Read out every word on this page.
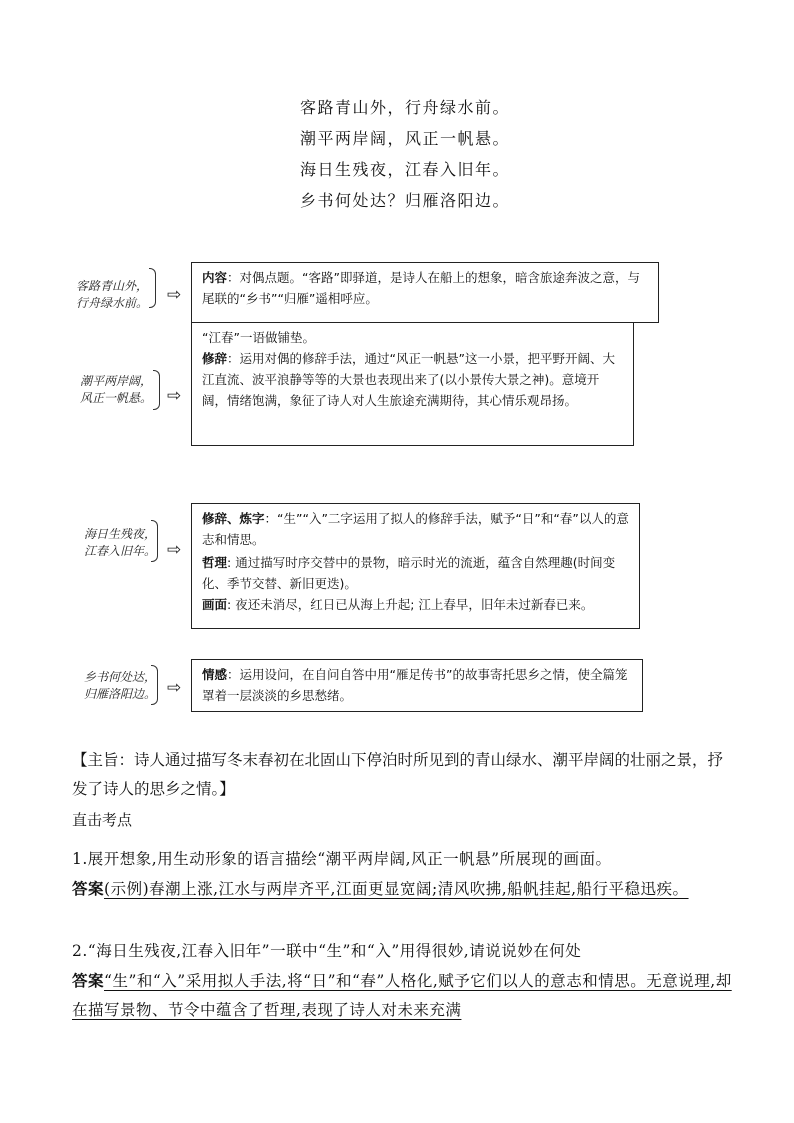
客路青山外，行舟绿水前。
潮平两岸阔，风正一帆悬。
海日生残夜，江春入旧年。
乡书何处达？归雁洛阳边。
潮平两岸阔，
风正一帆悬。 ⇨
“江春”一语做铺垫。
修辞：运用对偶的修辞手法，通过“风正一帆悬”这一小景，把平野开阔、大江直流、波平浪静等等的大景也表现出来了(以小景传大景之神)。意境开阔，情绪饱满，象征了诗人对人生旅途充满期待，其心情乐观昂扬。
客路青山外，
行舟绿水前。 ⇨
内容：对偶点题。“客路”即驿道，是诗人在船上的想象，暗含旅途奔波之意，与尾联的“乡书”“归雁”遥相呼应。
海日生残夜，
江春入旧年。 ⇨
修辞、炼字：“生”“入”二字运用了拟人的修辞手法，赋予“日”和“春”以人的意志和情思。
哲理: 通过描写时序交替中的景物，暗示时光的流逝，蕴含自然理趣(时间变化、季节交替、新旧更迭)。
画面: 夜还未消尽，红日已从海上升起; 江上春早，旧年未过新春已来。
乡书何处达，
归雁洛阳边。 ⇨
情感：运用设问，在自问自答中用“雁足传书”的故事寄托思乡之情，使全篇笼罩着一层淡淡的乡思愁绪。
【主旨：诗人通过描写冬末春初在北固山下停泊时所见到的青山绿水、潮平岸阔的壮丽之景，抒发了诗人的思乡之情。】
直击考点
1.展开想象,用生动形象的语言描绘“潮平两岸阔,风正一帆悬”所展现的画面。
答案(示例)春潮上涨,江水与两岸齐平,江面更显宽阔;清风吹拂,船帆挂起,船行平稳迅疾。
2.“海日生残夜,江春入旧年”一联中“生”和“入”用得很妙,请说说妙在何处
答案“生”和“入”采用拟人手法,将“日”和“春”人格化,赋予它们以人的意志和情思。无意说理,却在描写景物、节令中蕴含了哲理,表现了诗人对未来充满
